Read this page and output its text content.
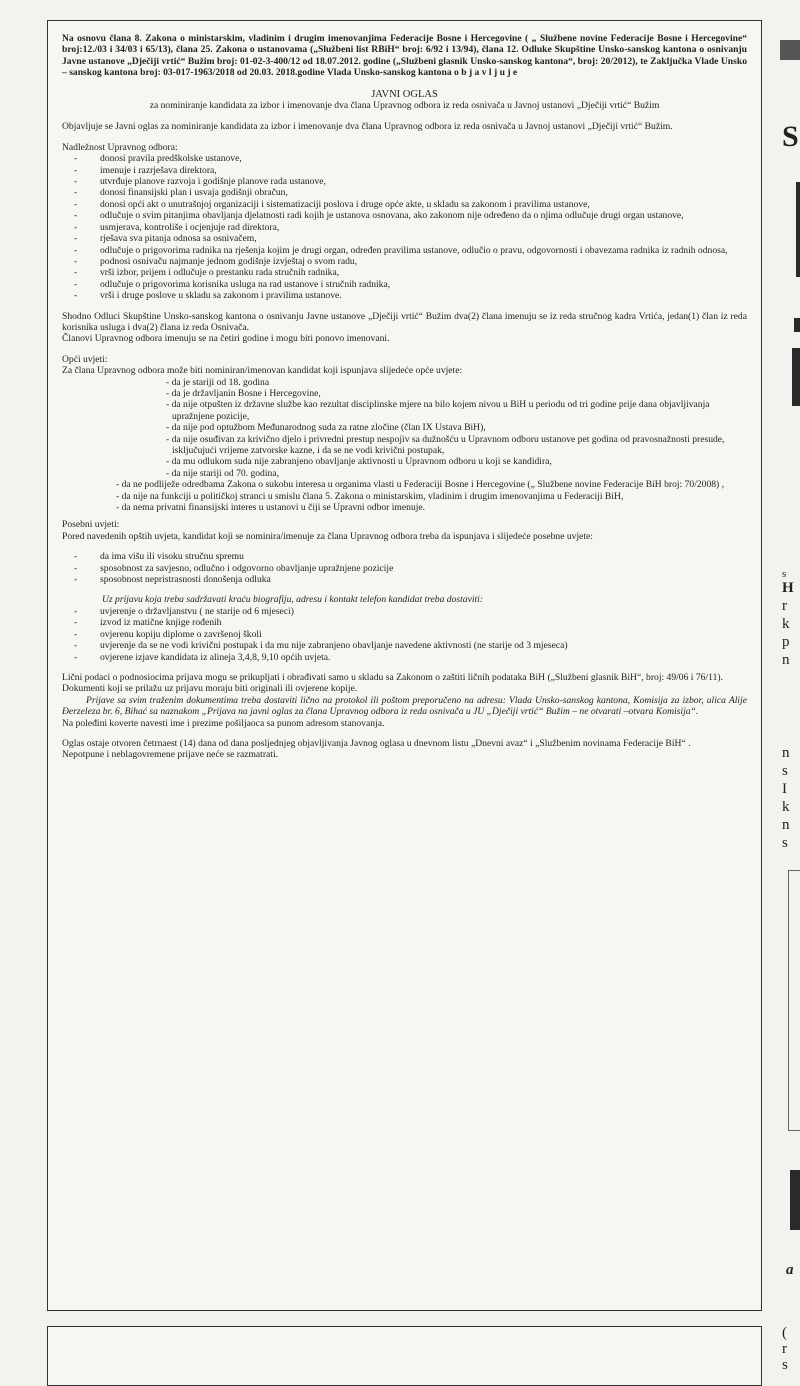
Na osnovu člana 8. Zakona o ministarskim, vladinim i drugim imenovanjima Federacije Bosne i Hercegovine ( „ Službene novine Federacije Bosne i Hercegovine“ broj:12./03 i 34/03 i 65/13), člana 25. Zakona o ustanovama („Službeni list RBiH“ broj: 6/92 i 13/94), člana 12. Odluke Skupštine Unsko-sanskog kantona o osnivanju Javne ustanove „Dječiji vrtić“ Bužim broj: 01-02-3-400/12 od 18.07.2012. godine („Službeni glasnik Unsko-sanskog kantona“, broj: 20/2012), te Zaključka Vlade Unsko – sanskog kantona broj: 03-017-1963/2018 od 20.03. 2018.godine Vlada Unsko-sanskog kantona o b j a v l j u j e

JAVNI OGLAS
za nominiranje kandidata za izbor i imenovanje dva člana Upravnog odbora iz reda osnivača u Javnoj ustanovi „Dječiji vrtić“ Bužim

Objavljuje se Javni oglas za nominiranje kandidata za izbor i imenovanje dva člana Upravnog odbora iz reda osnivača u Javnoj ustanovi „Dječiji vrtić“ Bužim.

Nadležnost Upravnog odbora:
- donosi pravila predškolske ustanove,
- imenuje i razrješava direktora,
- utvrđuje planove razvoja i godišnje planove rada ustanove,
- donosi finansijski plan i usvaja godišnji obračun,
- donosi opći akt o unutrašnjoj organizaciji i sistematizaciji poslova i druge opće akte, u skladu sa zakonom i pravilima ustanove,
- odlučuje o svim pitanjima obavljanja djelatnosti radi kojih je ustanova osnovana, ako zakonom nije određeno da o njima odlučuje drugi organ ustanove,
- usmjerava, kontroliše i ocjenjuje rad direktora,
- rješava sva pitanja odnosa sa osnivačem,
- odlučuje o prigovorima radnika na rješenja kojim je drugi organ, određen pravilima ustanove, odlučio o pravu, odgovornosti i obavezama radnika iz radnih odnosa,
- podnosi osnivaču najmanje jednom godišnje izvještaj o svom radu,
- vrši izbor, prijem i odlučuje o prestanku rada stručnih radnika,
- odlučuje o prigovorima korisnika usluga na rad ustanove i stručnih radnika,
- vrši i druge poslove u skladu sa zakonom i pravilima ustanove.
Shodno Odluci Skupštine Unsko-sanskog kantona o osnivanju Javne ustanove „Dječiji vrtić“ Bužim dva(2) člana imenuju se iz reda stručnog kadra Vrtića, jedan(1) član iz reda korisnika usluga i dva(2) člana iz reda Osnivača.

Članovi Upravnog odbora imenuju se na četiri godine i mogu biti ponovo imenovani.

Opći uvjeti:
Za člana Upravnog odbora može biti nominiran/imenovan kandidat koji ispunjava slijedeće opće uvjete:
- da je stariji od 18. godina
- da je državljanin Bosne i Hercegovine,
- da nije otpušten iz državne službe kao rezultat disciplinske mjere na bilo kojem nivou u BiH u periodu od tri godine prije dana objavljivanja upražnjene pozicije,
- da nije pod optužbom Međunarodnog suda za ratne zločine (član IX Ustava BiH),
- da nije osuđivan za krivično djelo i privredni prestup nespojiv sa dužnošću u Upravnom odboru ustanove pet godina od pravosnažnosti presude, isključujući vrijeme zatvorske kazne, i da se ne vodi krivični postupak,
- da mu odlukom suda nije zabranjeno obavljanje aktivnosti u Upravnom odboru u koji se kandidira,
- da nije stariji od 70. godina,
- da ne podliježe odredbama Zakona o sukobu interesa u organima vlasti u Federaciji Bosne i Hercegovine („ Službene novine Federacije BiH broj: 70/2008) ,
- da nije na funkciji u političkoj stranci u smislu člana 5. Zakona o ministarskim, vladinim i drugim imenovanjima u Federaciji BiH,
- da nema privatni finansijski interes u ustanovi u čiji se Upravni odbor imenuje.
Posebni uvjeti:

Pored navedenih opštih uvjeta, kandidat koji se nominira/imenuje za člana Upravnog odbora treba da ispunjava i slijedeće posebne uvjete:

- da ima višu ili visoku stručnu spremu
- sposobnost za savjesno, odlučno i odgovorno obavljanje upražnjene pozicije
- sposobnost nepristrasnosti donošenja odluka
Uz prijavu koja treba sadržavati kraću biografiju, adresu i kontakt telefon kandidat treba dostaviti:
- uvjerenje o državljanstvu ( ne starije od 6 mjeseci)
- izvod iz matične knjige rođenih
- ovjerenu kopiju diplome o završenoj školi
- uvjerenje da se ne vodi krivični postupak i da mu nije zabranjeno obavljanje navedene aktivnosti (ne starije od 3 mjeseca)
- ovjerene izjave kandidata iz alineja 3,4,8, 9,10 općih uvjeta.
Lični podaci o podnosiocima prijava mogu se prikupljati i obrađivati samo u skladu sa Zakonom o zaštiti ličnih podataka BiH („Službeni glasnik BiH“, broj: 49/06 i 76/11).
Dokumenti koji se prilažu uz prijavu moraju biti originali ili ovjerene kopije.
Prijave sa svim traženim dokumentima treba dostaviti lično na protokol ili poštom preporučeno na adresu: Vlada Unsko-sanskog kantona, Komisija za izbor, ulica Alije Đerzeleza br. 6, Bihać sa naznakom „Prijava na javni oglas za člana Upravnog odbora iz reda osnivača u JU „Dječiji vrtić“ Bužim – ne otvarati –otvara Komisija“.

Na poleđini koverte navesti ime i prezime pošiljaoca sa punom adresom stanovanja.

Oglas ostaje otvoren četrnaest (14) dana od dana posljednjeg objavljivanja Javnog oglasa u dnevnom listu „Dnevni avaz“ i „Službenim novinama Federacije BiH“ .
Nepotpune i neblagovremene prijave neće se razmatrati.
S
s
H
r
k
p
n
n
s
I
k
n
s
a
(
r
s
